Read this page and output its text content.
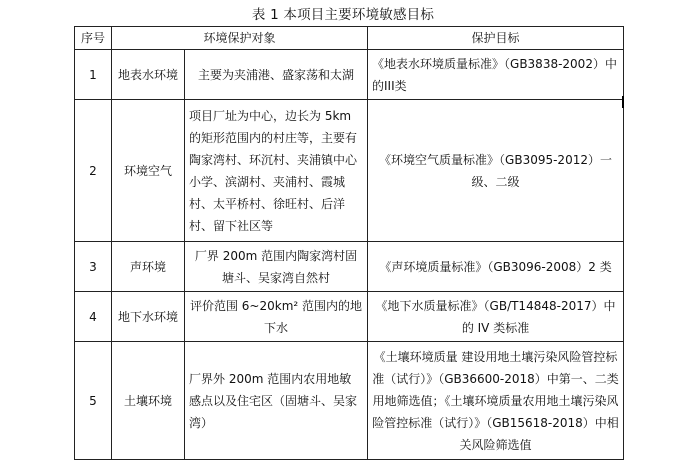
表 1 本项目主要环境敏感目标
序号	环境保护对象		保护目标
1	地表水环境	主要为夹浦港、盛家荡和太湖	《地表水环境质量标准》（GB3838-2002）中的III类
2	环境空气	项目厂址为中心，边长为 5km 的矩形范围内的村庄等，主要有陶家湾村、环沉村、夹浦镇中心小学、滨湖村、夹浦村、霞城村、太平桥村、徐旺村、后洋村、留下社区等	《环境空气质量标准》（GB3095-2012）一级、二级
3	声环境	厂界 200m 范围内陶家湾村固塘斗、吴家湾自然村	《声环境质量标准》（GB3096-2008）2 类
4	地下水环境	评价范围 6~20km² 范围内的地下水	《地下水质量标准》（GB/T14848-2017）中的 IV 类标准
5	土壤环境	厂界外 200m 范围内农用地敏感点以及住宅区（固塘斗、吴家湾）	《土壤环境质量 建设用地土壤污染风险管控标准（试行）》（GB36600-2018）中第一、二类用地筛选值；《土壤环境质量农用地土壤污染风险管控标准（试行）》（GB15618-2018）中相关风险筛选值
